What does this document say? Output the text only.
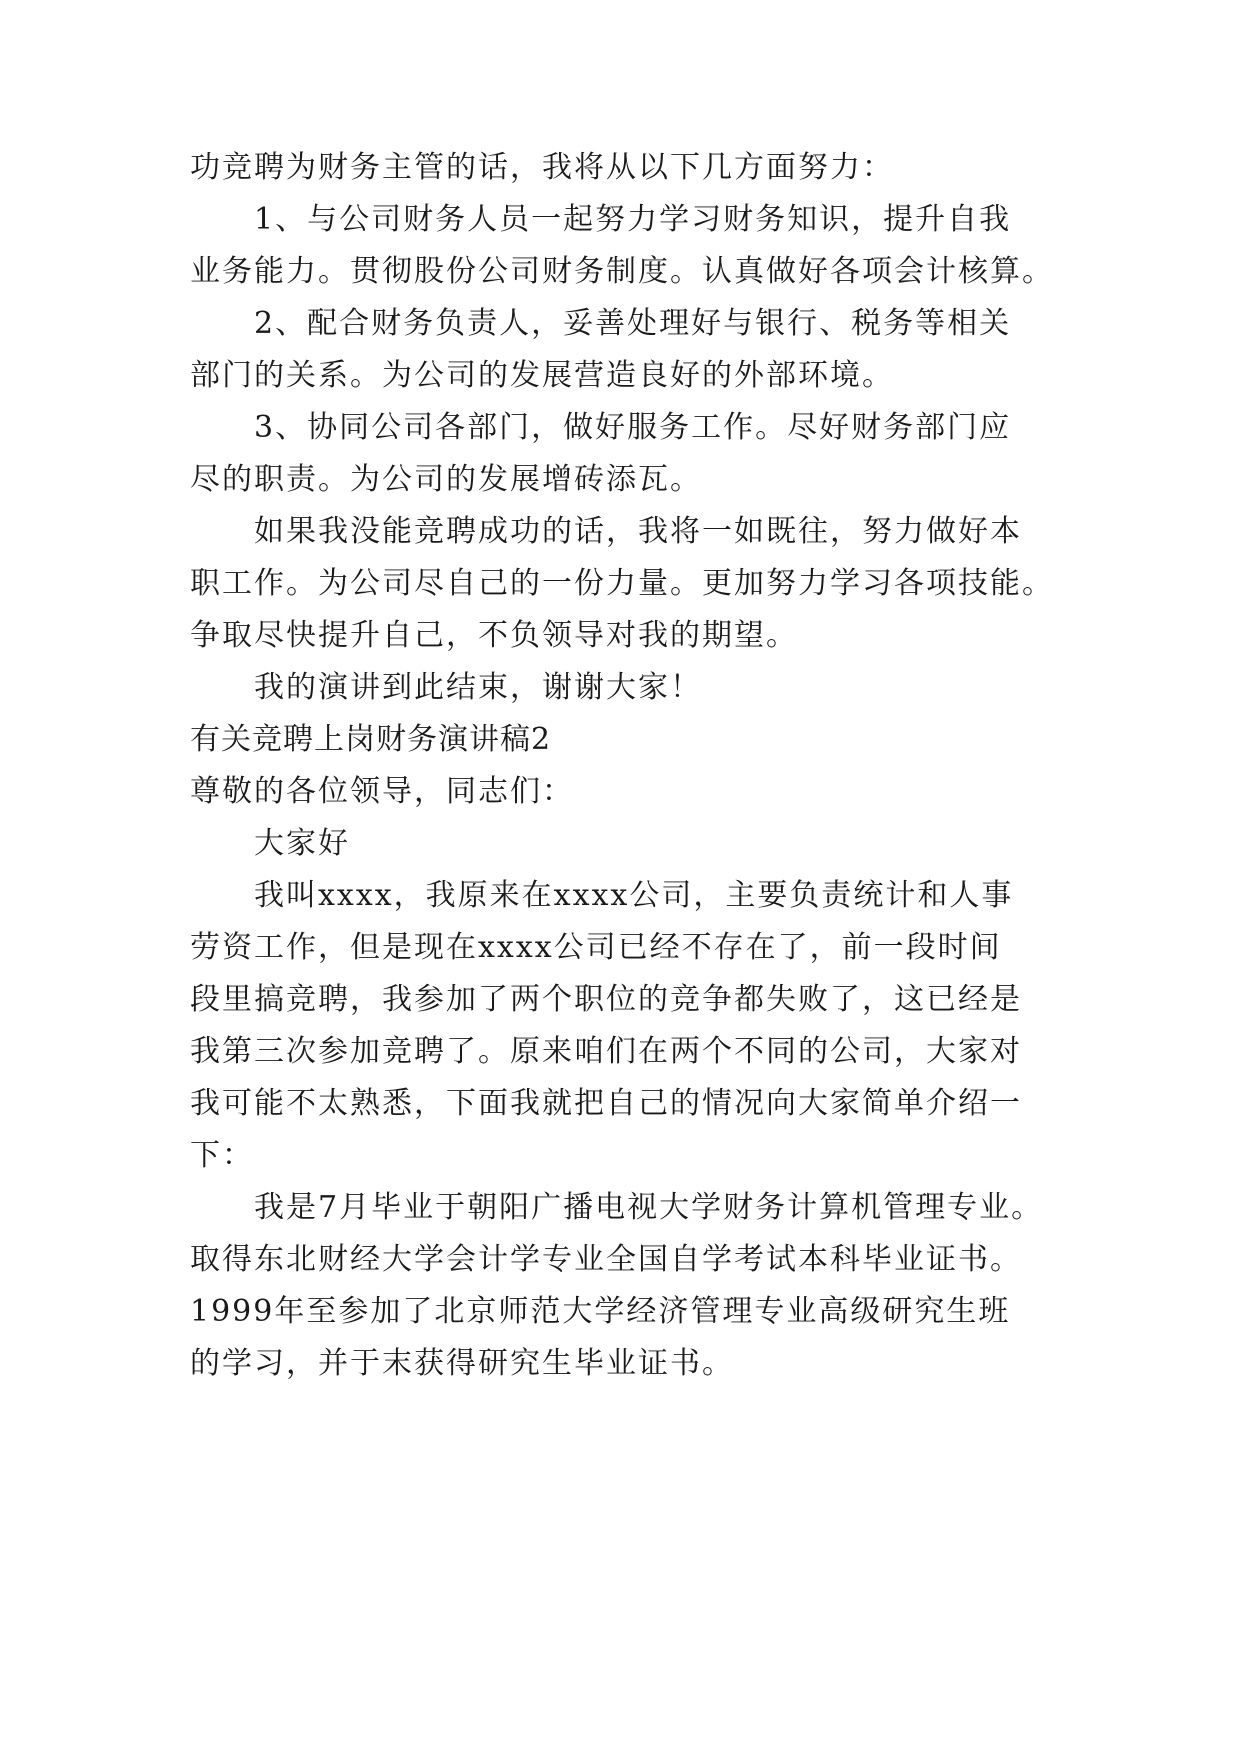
功竞聘为财务主管的话，我将从以下几方面努力：
1、与公司财务人员一起努力学习财务知识，提升自我
业务能力。贯彻股份公司财务制度。认真做好各项会计核算。
2、配合财务负责人，妥善处理好与银行、税务等相关
部门的关系。为公司的发展营造良好的外部环境。
3、协同公司各部门，做好服务工作。尽好财务部门应
尽的职责。为公司的发展增砖添瓦。
如果我没能竞聘成功的话，我将一如既往，努力做好本
职工作。为公司尽自己的一份力量。更加努力学习各项技能。
争取尽快提升自己，不负领导对我的期望。
我的演讲到此结束，谢谢大家！
有关竞聘上岗财务演讲稿2
尊敬的各位领导，同志们：
大家好
我叫xxxx，我原来在xxxx公司，主要负责统计和人事
劳资工作，但是现在xxxx公司已经不存在了，前一段时间
段里搞竞聘，我参加了两个职位的竞争都失败了，这已经是
我第三次参加竞聘了。原来咱们在两个不同的公司，大家对
我可能不太熟悉，下面我就把自己的情况向大家简单介绍一
下：
我是7月毕业于朝阳广播电视大学财务计算机管理专业。
取得东北财经大学会计学专业全国自学考试本科毕业证书。
1999年至参加了北京师范大学经济管理专业高级研究生班
的学习，并于末获得研究生毕业证书。
